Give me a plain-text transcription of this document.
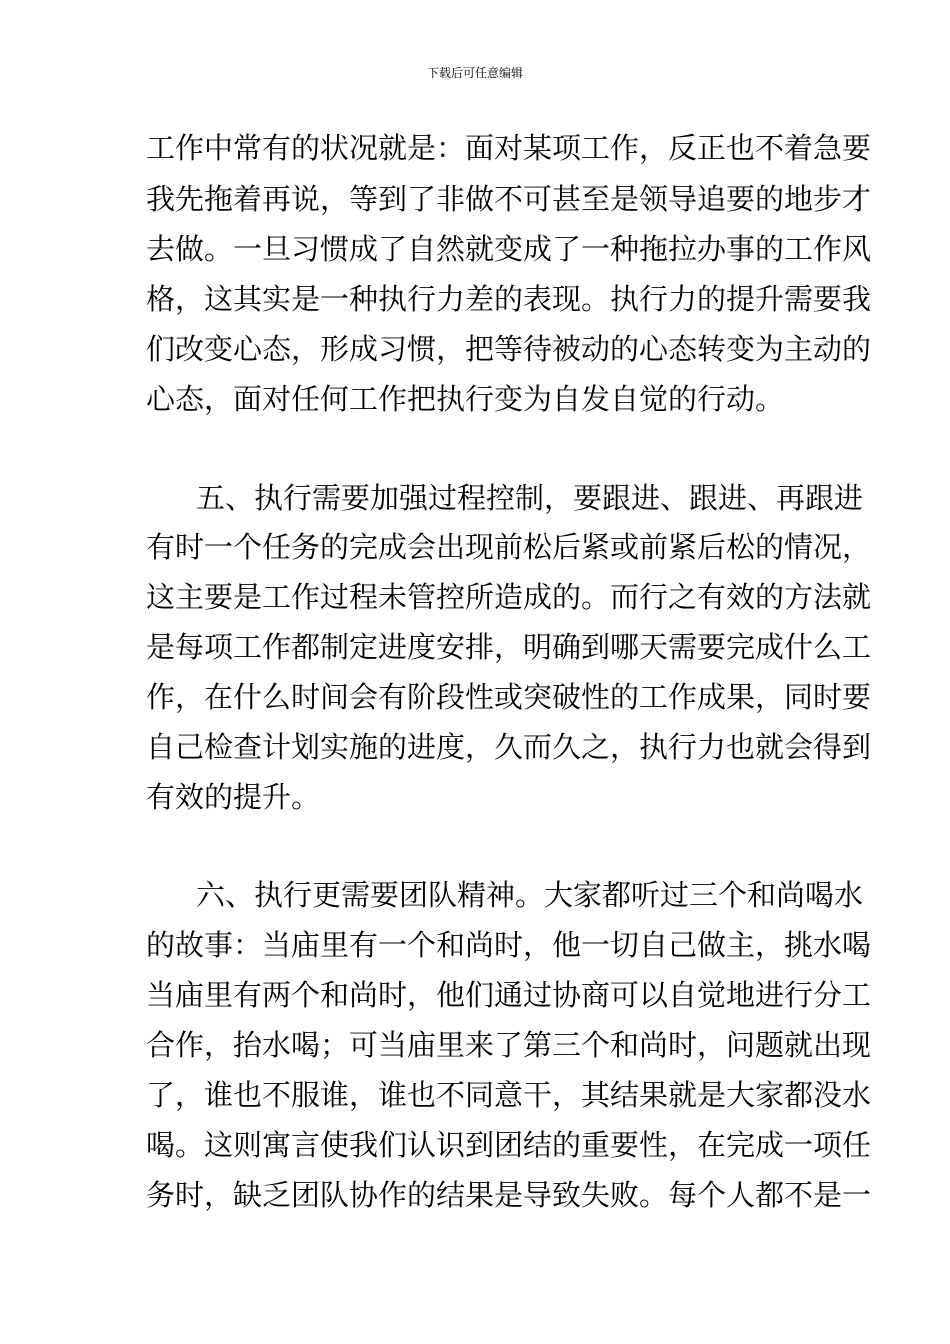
下载后可任意编辑
工作中常有的状况就是：面对某项工作，反正也不着急要
我先拖着再说，等到了非做不可甚至是领导追要的地步才
去做。一旦习惯成了自然就变成了一种拖拉办事的工作风
格，这其实是一种执行力差的表现。执行力的提升需要我
们改变心态，形成习惯，把等待被动的心态转变为主动的
心态，面对任何工作把执行变为自发自觉的行动。
五、执行需要加强过程控制，要跟进、跟进、再跟进
有时一个任务的完成会出现前松后紧或前紧后松的情况，
这主要是工作过程未管控所造成的。而行之有效的方法就
是每项工作都制定进度安排，明确到哪天需要完成什么工
作，在什么时间会有阶段性或突破性的工作成果，同时要
自己检查计划实施的进度，久而久之，执行力也就会得到
有效的提升。
六、执行更需要团队精神。大家都听过三个和尚喝水
的故事：当庙里有一个和尚时，他一切自己做主，挑水喝
当庙里有两个和尚时，他们通过协商可以自觉地进行分工
合作，抬水喝；可当庙里来了第三个和尚时，问题就出现
了，谁也不服谁，谁也不同意干，其结果就是大家都没水
喝。这则寓言使我们认识到团结的重要性，在完成一项任
务时，缺乏团队协作的结果是导致失败。每个人都不是一
